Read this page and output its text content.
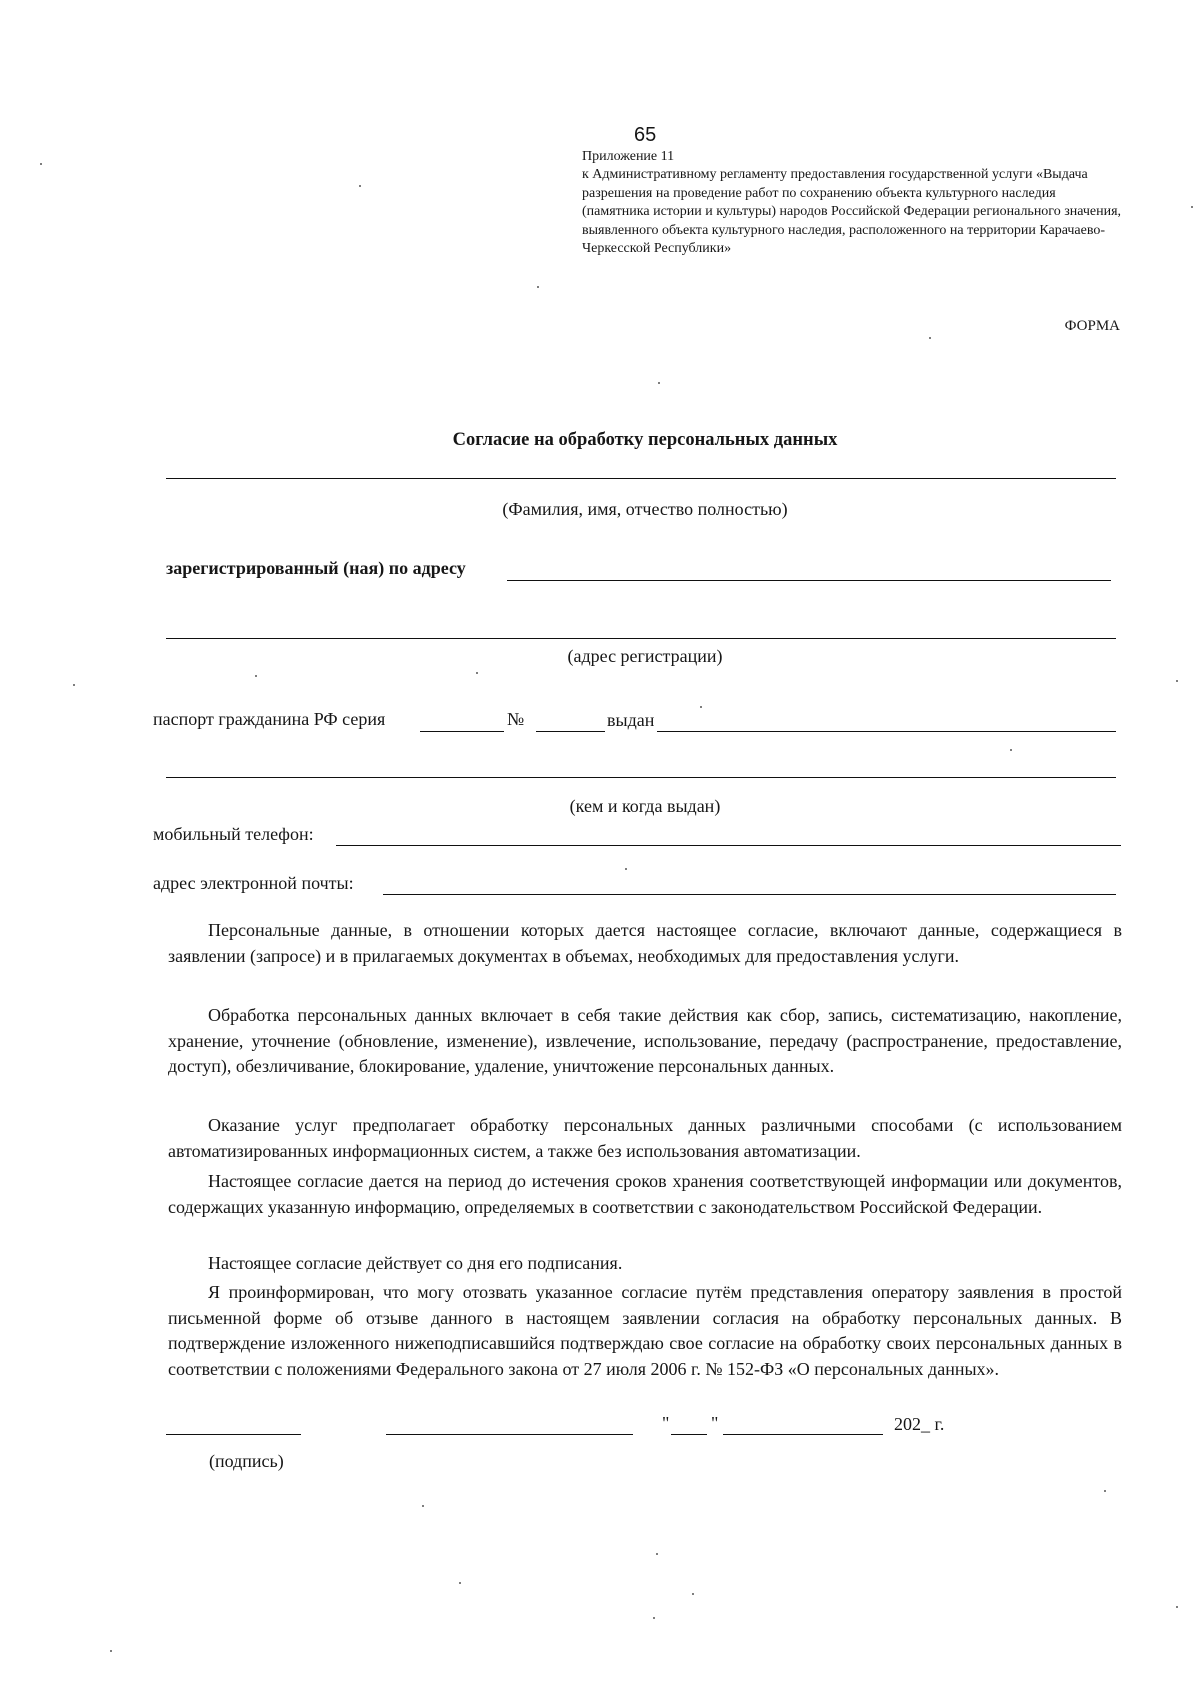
65
Приложение 11
к Административному регламенту предоставления государственной услуги «Выдача разрешения на проведение работ по сохранению объекта культурного наследия (памятника истории и культуры) народов Российской Федерации регионального значения, выявленного объекта культурного наследия, расположенного на территории Карачаево-Черкесской Республики»
ФОРМА
Согласие на обработку персональных данных
(Фамилия, имя, отчество полностью)
зарегистрированный (ная) по адресу
(адрес регистрации)
паспорт гражданина РФ серия	№	выдан
(кем и когда выдан)
мобильный телефон:
адрес электронной почты:
Персональные данные, в отношении которых дается настоящее согласие, включают данные, содержащиеся в заявлении (запросе) и в прилагаемых документах в объемах, необходимых для предоставления услуги.
Обработка персональных данных включает в себя такие действия как сбор, запись, систематизацию, накопление, хранение, уточнение (обновление, изменение), извлечение, использование, передачу (распространение, предоставление, доступ), обезличивание, блокирование, удаление, уничтожение персональных данных.
Оказание услуг предполагает обработку персональных данных различными способами (с использованием автоматизированных информационных систем, а также без использования автоматизации.
Настоящее согласие дается на период до истечения сроков хранения соответствующей информации или документов, содержащих указанную информацию, определяемых в соответствии с законодательством Российской Федерации.
Настоящее согласие действует со дня его подписания.
Я проинформирован, что могу отозвать указанное согласие путём представления оператору заявления в простой письменной форме об отзыве данного в настоящем заявлении согласия на обработку персональных данных. В подтверждение изложенного нижеподписавшийся подтверждаю свое согласие на обработку своих персональных данных в соответствии с положениями Федерального закона от 27 июля 2006 г. № 152-ФЗ «О персональных данных».
" "	202_ г.
(подпись)
